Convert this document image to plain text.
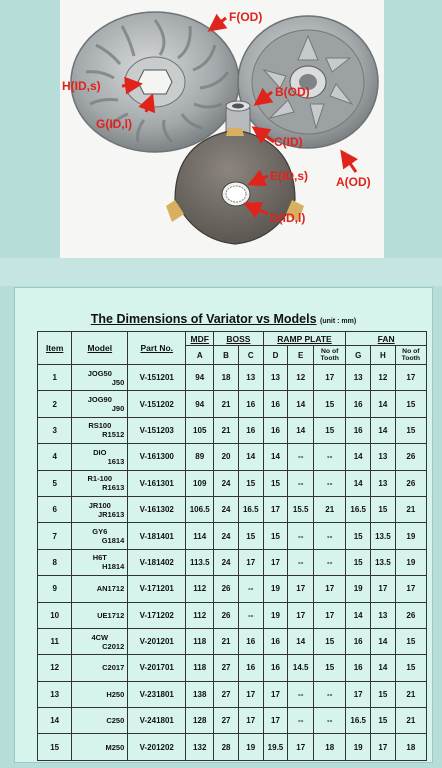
F(OD)
H(ID,s)
G(ID,l)
B(OD)
C(ID)
E(ID,s) A(OD)
D(ID,l)
The Dimensions of Variator vs Models (unit : mm)
Item	Model	Part No.	MDF	BOSS		RAMP PLATE			FAN		
			A	B	C	D	E	No of Tooth	G	H	No of Tooth
1	JOG50
J50	V-151201	94	18	13	13	12	17	13	12	17
2	JOG90
J90	V-151202	94	21	16	16	14	15	16	14	15
3	RS100
R1512	V-151203	105	21	16	16	14	15	16	14	15
4	DIO
1613	V-161300	89	20	14	14	--	--	14	13	26
5	R1-100
R1613	V-161301	109	24	15	15	--	--	14	13	26
6	JR100
JR1613	V-161302	106.5	24	16.5	17	15.5	21	16.5	15	21
7	GY6
G1814	V-181401	114	24	15	15	--	--	15	13.5	19
8	H6T
H1814	V-181402	113.5	24	17	17	--	--	15	13.5	19
9	AN1712	V-171201	112	26	--	19	17	17	19	17	17
10	UE1712	V-171202	112	26	--	19	17	17	14	13	26
11	4CW
C2012	V-201201	118	21	16	16	14	15	16	14	15
12	C2017	V-201701	118	27	16	16	14.5	15	16	14	15
13	H250	V-231801	138	27	17	17	--	--	17	15	21
14	C250	V-241801	128	27	17	17	--	--	16.5	15	21
15	M250	V-201202	132	28	19	19.5	17	18	19	17	18
